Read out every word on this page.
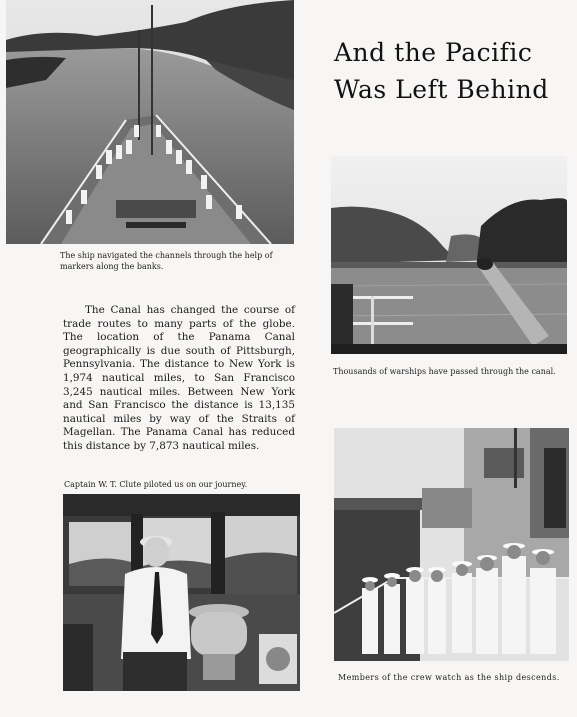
The ship navigated the channels through the help of markers along the banks.
And the Pacific
Was Left Behind
Thousands of warships have passed through the canal.
The Canal has changed the course of trade routes to many parts of the globe. The location of the Panama Canal geographically is due south of Pittsburgh, Pennsylvania. The distance to New York is 1,974 nautical miles, to San Francisco 3,245 nautical miles. Between New York and San Francisco the distance is 13,135 nautical miles by way of the Straits of Magellan. The Panama Canal has reduced this distance by 7,873 nautical miles.
Captain W. T. Clute piloted us on our journey.
Members of the crew watch as the ship descends.
